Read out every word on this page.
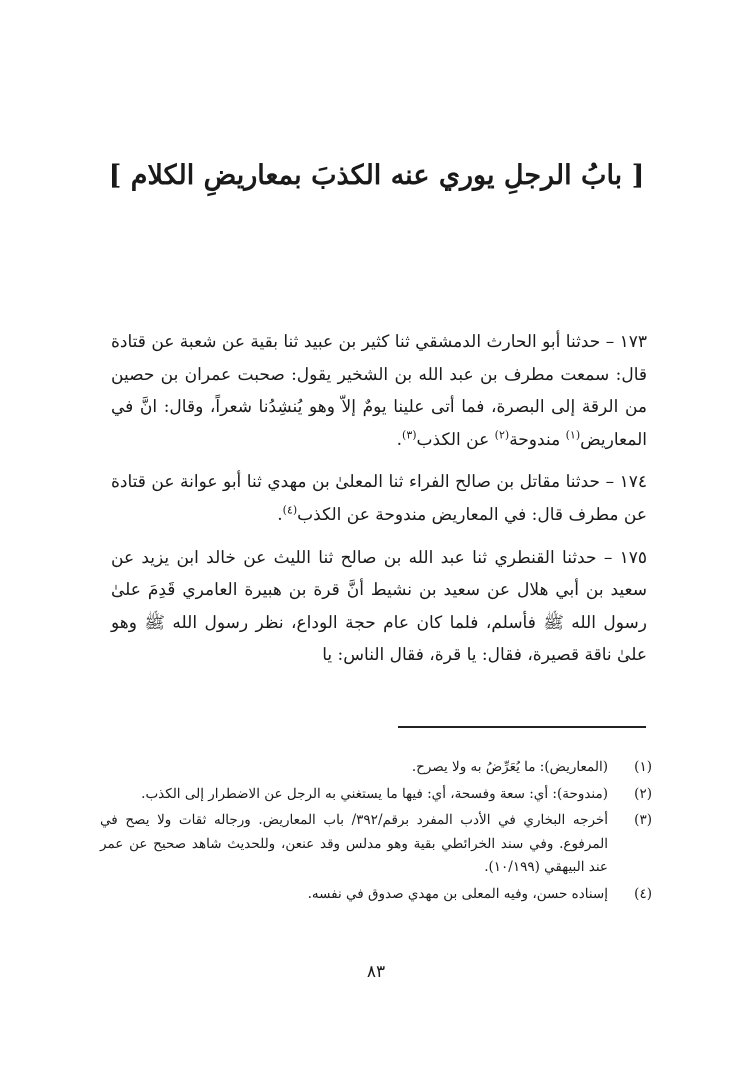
[ بابُ الرجلِ يوري عنه الكذبَ بمعاريضِ الكلام ]

١٧٣ – حدثنا أبو الحارث الدمشقي ثنا كثير بن عبيد ثنا بقية عن شعبة عن قتادة قال: سمعت مطرف بن عبد الله بن الشخير يقول: صحبت عمران بن حصين من الرقة إلى البصرة، فما أتى علينا يومٌ إلاّ وهو يُنشِدُنا شعراً، وقال: انَّ في المعاريض$^{(١)}$ مندوحة$^{(٢)}$ عن الكذب$^{(٣)}$.

١٧٤ – حدثنا مقاتل بن صالح الفراء ثنا المعلىٰ بن مهدي ثنا أبو عوانة عن قتادة عن مطرف قال: في المعاريض مندوحة عن الكذب$^{(٤)}$.

١٧٥ – حدثنا القنطري ثنا عبد الله بن صالح ثنا الليث عن خالد ابن يزيد عن سعيد بن أبي هلال عن سعيد بن نشيط أنَّ قرة بن هبيرة العامري قَدِمَ علىٰ رسول الله ﷺ فأسلم، فلما كان عام حجة الوداع، نظر رسول الله ﷺ وهو علىٰ ناقة قصيرة، فقال: يا قرة، فقال الناس: يا

(١)
(المعاريض): ما يُعَرِّضُ به ولا يصرح.
(٢)
(مندوحة): أي: سعة وفسحة، أي: فيها ما يستغني به الرجل عن الاضطرار إلى الكذب.
(٣)
أخرجه البخاري في الأدب المفرد برقم/٣٩٢/ باب المعاريض. ورجاله ثقات ولا يصح في المرفوع. وفي سند الخرائطي بقية وهو مدلس وقد عنعن، وللحديث شاهد صحيح عن عمر عند البيهقي (١٠/١٩٩).
(٤)
إسناده حسن، وفيه المعلى بن مهدي صدوق في نفسه.
٨٣
